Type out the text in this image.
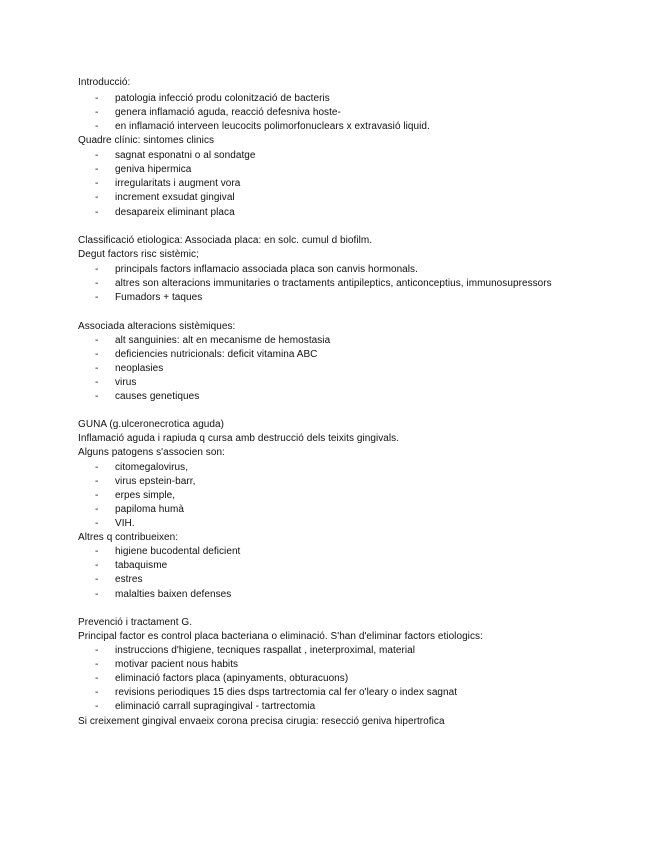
Introducció:
- patologia infecció produ colonització de bacteris
- genera inflamació aguda, reacció defesniva hoste-
- en inflamació interveen leucocits polimorfonuclears x extravasió liquid.
Quadre clínic: sintomes clinics
- sagnat esponatni o al sondatge
- geniva hipermica
- irregularitats i augment vora
- increment exsudat gingival
- desapareix eliminant placa
Classificació etiologica: Associada placa: en solc. cumul d biofilm.
Degut factors risc sistèmic;
- principals factors inflamacio associada placa son canvis hormonals.
- altres son alteracions immunitaries o tractaments antipileptics, anticonceptius, immunosupressors
- Fumadors + taques
Associada alteracions sistèmiques:
- alt sanguinies: alt en mecanisme de hemostasia
- deficiencies nutricionals: deficit vitamina ABC
- neoplasies
- virus
- causes genetiques
GUNA (g.ulceronecrotica aguda)
Inflamació aguda i rapiuda q cursa amb destrucció dels teixits gingivals.
Alguns patogens s'associen son:
- citomegalovirus,
- virus epstein-barr,
- erpes simple,
- papiloma humà
- VIH.
Altres q contribueixen:
- higiene bucodental deficient
- tabaquisme
- estres
- malalties baixen defenses
Prevenció i tractament G.
Principal factor es control placa bacteriana o eliminació. S'han d'eliminar factors etiologics:
- instruccions d'higiene, tecniques raspallat , ineterproximal, material
- motivar pacient nous habits
- eliminació factors placa (apinyaments, obturacuons)
- revisions periodiques 15 dies dsps tartrectomia cal fer o'leary o index sagnat
- eliminació carrall supragingival - tartrectomia
Si creixement gingival envaeix corona precisa cirugia: resecció geniva hipertrofica
